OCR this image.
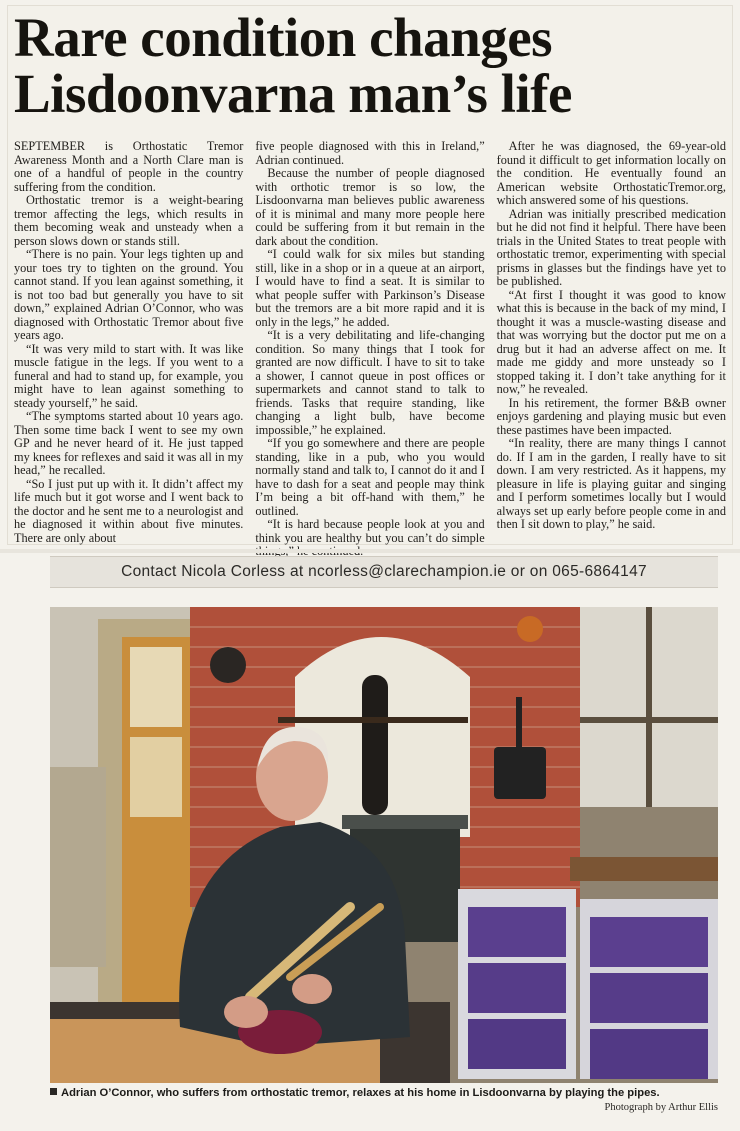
Rare condition changes
Lisdoonvarna man’s life

SEPTEMBER is Orthostatic Tremor Awareness Month and a North Clare man is one of a handful of people in the country suffering from the condition.

Orthostatic tremor is a weight-bearing tremor affecting the legs, which results in them becoming weak and unsteady when a person slows down or stands still.

“There is no pain. Your legs tighten up and your toes try to tighten on the ground. You cannot stand. If you lean against something, it is not too bad but generally you have to sit down,” explained Adrian O’Connor, who was diagnosed with Orthostatic Tremor about five years ago.

“It was very mild to start with. It was like muscle fatigue in the legs. If you went to a funeral and had to stand up, for example, you might have to lean against something to steady yourself,” he said.

“The symptoms started about 10 years ago. Then some time back I went to see my own GP and he never heard of it. He just tapped my knees for reflexes and said it was all in my head,” he recalled.

“So I just put up with it. It didn’t affect my life much but it got worse and I went back to the doctor and he sent me to a neurologist and he diagnosed it within about five minutes. There are only about

five people diagnosed with this in Ireland,” Adrian continued.

Because the number of people diagnosed with orthotic tremor is so low, the Lisdoonvarna man believes public awareness of it is minimal and many more people here could be suffering from it but remain in the dark about the condition.

“I could walk for six miles but standing still, like in a shop or in a queue at an airport, I would have to find a seat. It is similar to what people suffer with Parkinson’s Disease but the tremors are a bit more rapid and it is only in the legs,” he added.

“It is a very debilitating and life-changing condition. So many things that I took for granted are now difficult. I have to sit to take a shower, I cannot queue in post offices or supermarkets and cannot stand to talk to friends. Tasks that require standing, like changing a light bulb, have become impossible,” he explained.

“If you go somewhere and there are people standing, like in a pub, who you would normally stand and talk to, I cannot do it and I have to dash for a seat and people may think I’m being a bit off-hand with them,” he outlined.

“It is hard because people look at you and think you are healthy but you can’t do simple

After he was diagnosed, the 69-year-old found it difficult to get information locally on the condition. He eventually found an American website OrthostaticTremor.org, which answered some of his questions.

Adrian was initially prescribed medication but he did not find it helpful. There have been trials in the United States to treat people with orthostatic tremor, experimenting with special prisms in glasses but the findings have yet to be published.

“At first I thought it was good to know what this is because in the back of my mind, I thought it was a muscle-wasting disease and that was worrying but the doctor put me on a drug but it had an adverse affect on me. It made me giddy and more unsteady so I stopped taking it. I don’t take anything for it now,” he revealed.

In his retirement, the former B&B owner enjoys gardening and playing music but even these pastimes have been impacted.

“In reality, there are many things I cannot do. If I am in the garden, I really have to sit down. I am very restricted. As it happens, my pleasure in life is playing guitar and singing and I perform sometimes locally but I would always set up early before people come in and then I sit down to play,” he said.

Contact Nicola Corless at ncorless@clarechampion.ie or on 065-6864147
Adrian O’Connor, who suffers from orthostatic tremor, relaxes at his home in Lisdoonvarna by playing the pipes.
Photograph by Arthur Ellis
